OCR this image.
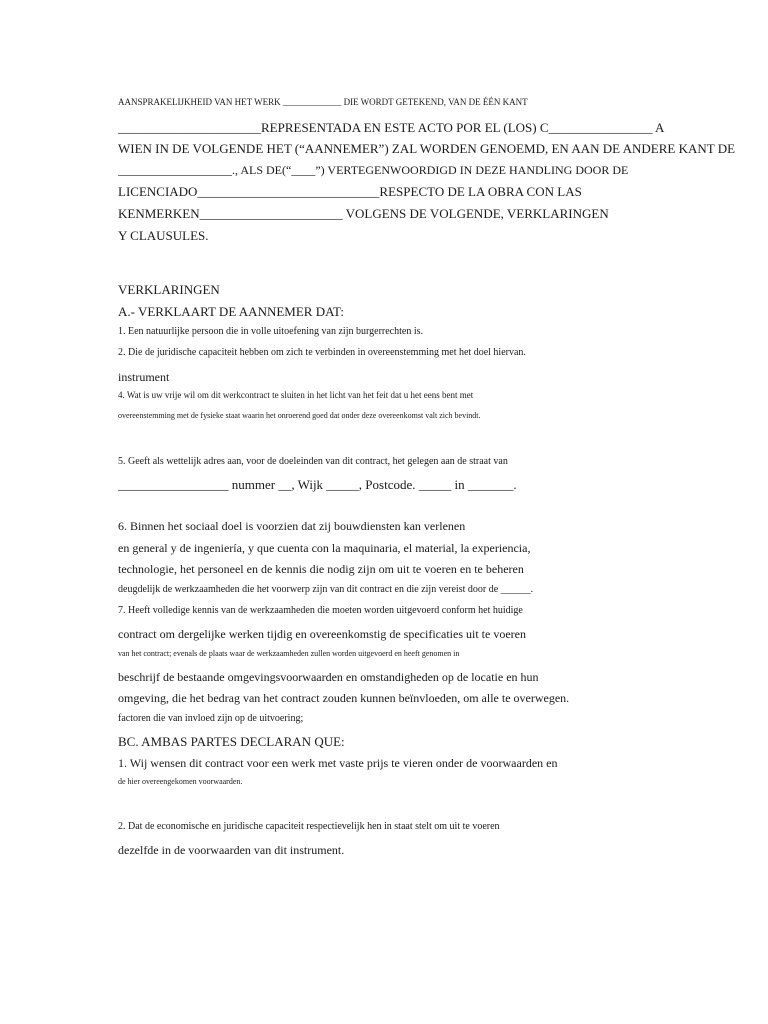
AANSPRAKELIJKHEID VAN HET WERK _____________ DIE WORDT GETEKEND, VAN DE ÉÉN KANT
______________________REPRESENTADA EN ESTE ACTO POR EL (LOS) C________________ A
WIEN IN DE VOLGENDE HET (“AANNEMER”) ZAL WORDEN GENOEMD, EN AAN DE ANDERE KANT DE
___________________., ALS DE(“____”) VERTEGENWOORDIGD IN DEZE HANDLING DOOR DE
LICENCIADO____________________________RESPECTO DE LA OBRA CON LAS
KENMERKEN______________________ VOLGENS DE VOLGENDE, VERKLARINGEN
Y CLAUSULES.
VERKLARINGEN
A.- VERKLAART DE AANNEMER DAT:
1. Een natuurlijke persoon die in volle uitoefening van zijn burgerrechten is.
2. Die de juridische capaciteit hebben om zich te verbinden in overeenstemming met het doel hiervan.
instrument
4. Wat is uw vrije wil om dit werkcontract te sluiten in het licht van het feit dat u het eens bent met
overeenstemming met de fysieke staat waarin het onroerend goed dat onder deze overeenkomst valt zich bevindt.
5. Geeft als wettelijk adres aan, voor de doeleinden van dit contract, het gelegen aan de straat van
_________________ nummer __, Wijk _____, Postcode. _____ in _______.
6. Binnen het sociaal doel is voorzien dat zij bouwdiensten kan verlenen
en general y de ingeniería, y que cuenta con la maquinaria, el material, la experiencia,
technologie, het personeel en de kennis die nodig zijn om uit te voeren en te beheren
deugdelijk de werkzaamheden die het voorwerp zijn van dit contract en die zijn vereist door de ______.
7. Heeft volledige kennis van de werkzaamheden die moeten worden uitgevoerd conform het huidige
contract om dergelijke werken tijdig en overeenkomstig de specificaties uit te voeren
van het contract; evenals de plaats waar de werkzaamheden zullen worden uitgevoerd en heeft genomen in
beschrijf de bestaande omgevingsvoorwaarden en omstandigheden op de locatie en hun
omgeving, die het bedrag van het contract zouden kunnen beïnvloeden, om alle te overwegen.
factoren die van invloed zijn op de uitvoering;
BC. AMBAS PARTES DECLARAN QUE:
1. Wij wensen dit contract voor een werk met vaste prijs te vieren onder de voorwaarden en
de hier overeengekomen voorwaarden.
2. Dat de economische en juridische capaciteit respectievelijk hen in staat stelt om uit te voeren
dezelfde in de voorwaarden van dit instrument.
